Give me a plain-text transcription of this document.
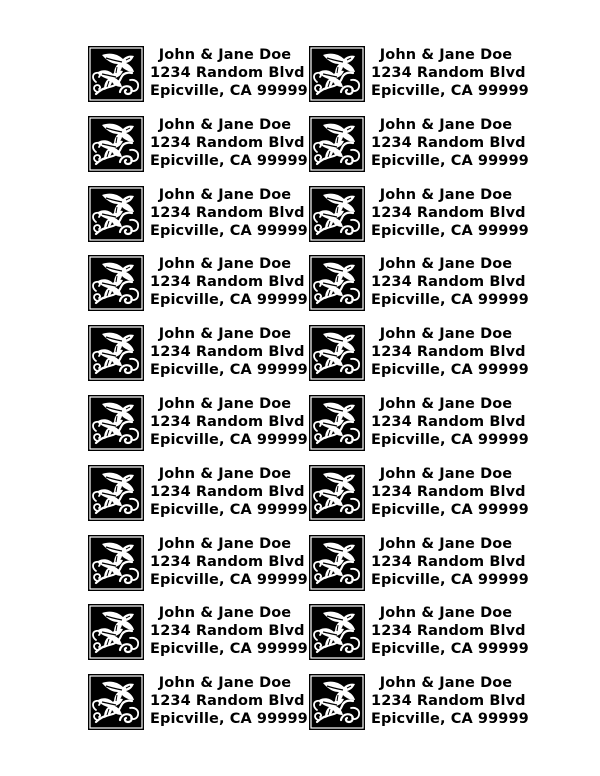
John & Jane Doe
1234 Random Blvd
Epicville, CA 99999
John & Jane Doe
1234 Random Blvd
Epicville, CA 99999
John & Jane Doe
1234 Random Blvd
Epicville, CA 99999
John & Jane Doe
1234 Random Blvd
Epicville, CA 99999
John & Jane Doe
1234 Random Blvd
Epicville, CA 99999
John & Jane Doe
1234 Random Blvd
Epicville, CA 99999
John & Jane Doe
1234 Random Blvd
Epicville, CA 99999
John & Jane Doe
1234 Random Blvd
Epicville, CA 99999
John & Jane Doe
1234 Random Blvd
Epicville, CA 99999
John & Jane Doe
1234 Random Blvd
Epicville, CA 99999
John & Jane Doe
1234 Random Blvd
Epicville, CA 99999
John & Jane Doe
1234 Random Blvd
Epicville, CA 99999
John & Jane Doe
1234 Random Blvd
Epicville, CA 99999
John & Jane Doe
1234 Random Blvd
Epicville, CA 99999
John & Jane Doe
1234 Random Blvd
Epicville, CA 99999
John & Jane Doe
1234 Random Blvd
Epicville, CA 99999
John & Jane Doe
1234 Random Blvd
Epicville, CA 99999
John & Jane Doe
1234 Random Blvd
Epicville, CA 99999
John & Jane Doe
1234 Random Blvd
Epicville, CA 99999
John & Jane Doe
1234 Random Blvd
Epicville, CA 99999
